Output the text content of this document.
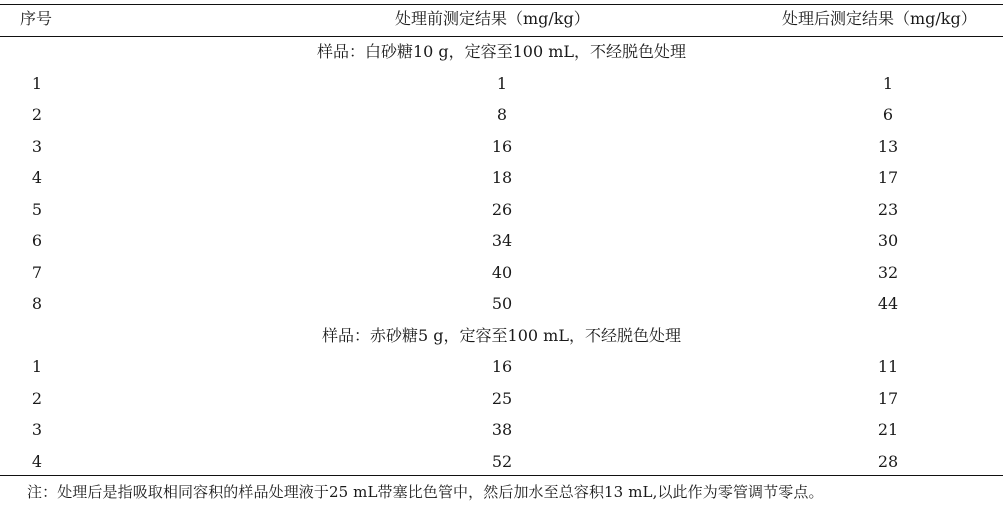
序号	处理前测定结果（mg/kg）	处理后测定结果（mg/kg）
样品：白砂糖10 g，定容至100 mL，不经脱色处理
1	1	1
2	8	6
3	16	13
4	18	17
5	26	23
6	34	30
7	40	32
8	50	44
样品：赤砂糖5 g，定容至100 mL，不经脱色处理
1	16	11
2	25	17
3	38	21
4	52	28
注：处理后是指吸取相同容积的样品处理液于25 mL带塞比色管中，然后加水至总容积13 mL,以此作为零管调节零点。
